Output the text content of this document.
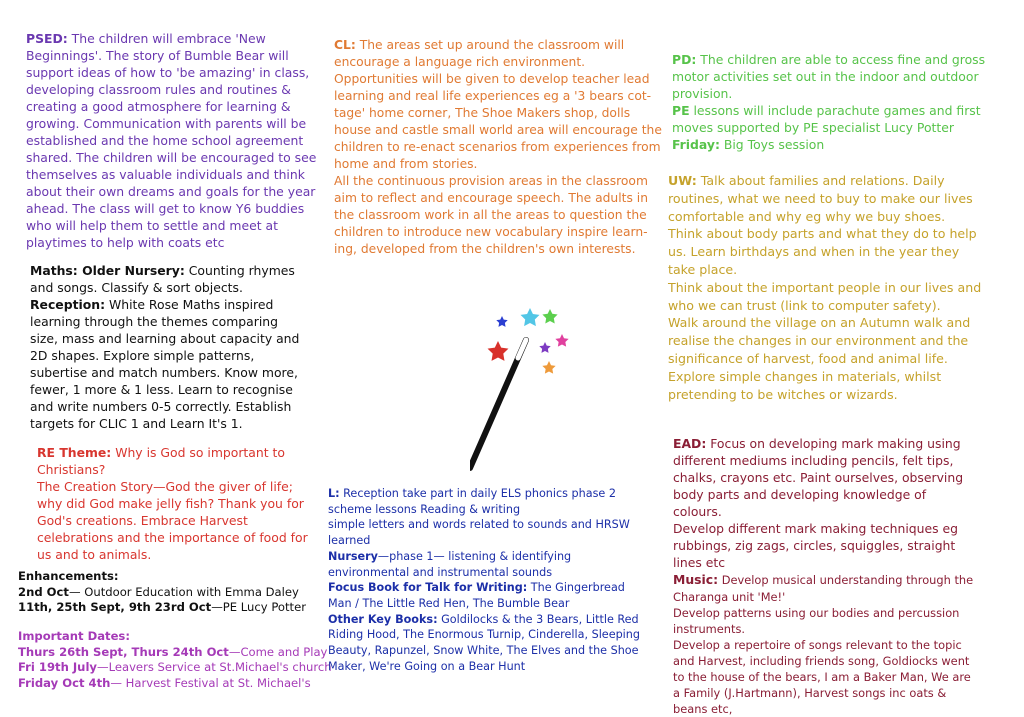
PSED: The children will embrace 'New Beginnings'. The story of Bumble Bear will support ideas of how to 'be amazing' in class, developing classroom rules and routines & creating a good atmosphere for learning & growing. Communication with parents will be established and the home school agreement shared. The children will be encouraged to see themselves as valuable individuals and think about their own dreams and goals for the year ahead. The class will get to know Y6 buddies who will help them to settle and meet at playtimes to help with coats etc

Maths: Older Nursery: Counting rhymes and songs. Classify & sort objects.

Reception: White Rose Maths inspired learning through the themes comparing size, mass and learning about capacity and 2D shapes. Explore simple patterns, subertise and match numbers. Know more, fewer, 1 more & 1 less. Learn to recognise and write numbers 0-5 correctly. Establish targets for CLIC 1 and Learn It's 1.

RE Theme: Why is God so important to Christians?

The Creation Story—God the giver of life; why did God make jelly fish? Thank you for God's creations. Embrace Harvest celebrations and the importance of food for us and to animals.

Enhancements:

2nd Oct— Outdoor Education with Emma Daley

11th, 25th Sept, 9th 23rd Oct—PE Lucy Potter

Important Dates:

Thurs 26th Sept, Thurs 24th Oct—Come and Play

Fri 19th July—Leavers Service at St.Michael's church

Friday Oct 4th— Harvest Festival at St. Michael's

CL: The areas set up around the classroom will encourage a language rich environment. Opportunities will be given to develop teacher lead learning and real life experiences eg a '3 bears cot-tage' home corner, The Shoe Makers shop, dolls house and castle small world area will encourage the children to re-enact scenarios from experiences from home and from stories.

All the continuous provision areas in the classroom aim to reflect and encourage speech. The adults in the classroom work in all the areas to question the children to introduce new vocabulary inspire learn-ing, developed from the children's own interests.

L: Reception take part in daily ELS phonics phase 2 scheme lessons Reading & writing

simple letters and words related to sounds and HRSW learned

Nursery—phase 1— listening & identifying environmental and instrumental sounds

Focus Book for Talk for Writing: The Gingerbread Man / The Little Red Hen, The Bumble Bear

Other Key Books: Goldilocks & the 3 Bears, Little Red Riding Hood, The Enormous Turnip, Cinderella, Sleeping Beauty, Rapunzel, Snow White, The Elves and the Shoe Maker, We're Going on a Bear Hunt

PD: The children are able to access fine and gross motor activities set out in the indoor and outdoor provision.

PE lessons will include parachute games and first moves supported by PE specialist Lucy Potter

Friday: Big Toys session

UW: Talk about families and relations. Daily routines, what we need to buy to make our lives comfortable and why eg why we buy shoes. Think about body parts and what they do to help us. Learn birthdays and when in the year they take place.

Think about the important people in our lives and who we can trust (link to computer safety).

Walk around the village on an Autumn walk and realise the changes in our environment and the significance of harvest, food and animal life.

Explore simple changes in materials, whilst pretending to be witches or wizards.

EAD: Focus on developing mark making using different mediums including pencils, felt tips, chalks, crayons etc. Paint ourselves, observing body parts and developing knowledge of colours.

Develop different mark making techniques eg rubbings, zig zags, circles, squiggles, straight lines etc

Music: Develop musical understanding through the Charanga unit 'Me!'

Develop patterns using our bodies and percussion instruments.

Develop a repertoire of songs relevant to the topic and Harvest, including friends song, Goldiocks went to the house of the bears, I am a Baker Man, We are a Family (J.Hartmann), Harvest songs inc oats & beans etc,
